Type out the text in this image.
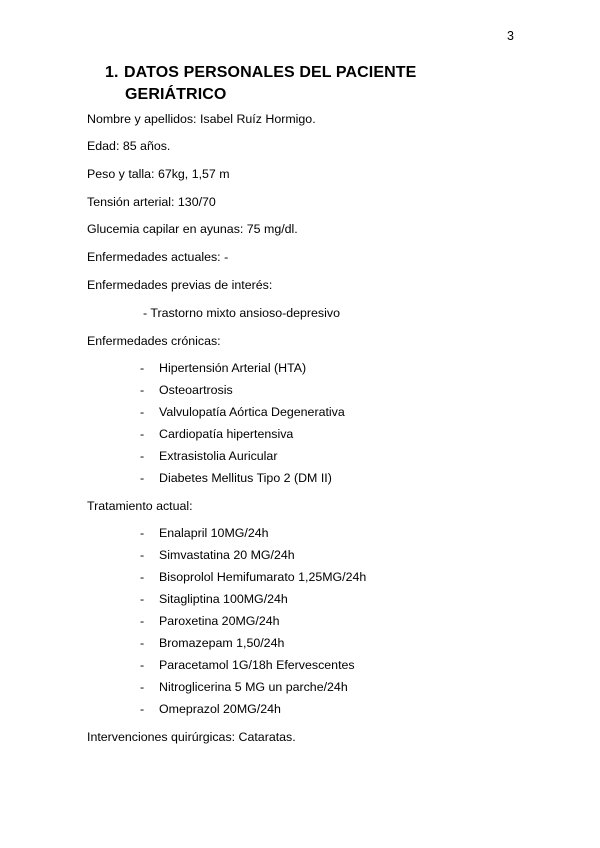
3
1. DATOS PERSONALES DEL PACIENTE
GERIÁTRICO
Nombre y apellidos: Isabel Ruíz Hormigo.
Edad: 85 años.
Peso y talla: 67kg, 1,57 m
Tensión arterial: 130/70
Glucemia capilar en ayunas: 75 mg/dl.
Enfermedades actuales: -
Enfermedades previas de interés:
- Trastorno mixto ansioso-depresivo
Enfermedades crónicas:
- Hipertensión Arterial (HTA)
- Osteoartrosis
- Valvulopatía Aórtica Degenerativa
- Cardiopatía hipertensiva
- Extrasistolia Auricular
- Diabetes Mellitus Tipo 2 (DM II)
Tratamiento actual:
- Enalapril 10MG/24h
- Simvastatina 20 MG/24h
- Bisoprolol Hemifumarato 1,25MG/24h
- Sitagliptina 100MG/24h
- Paroxetina 20MG/24h
- Bromazepam 1,50/24h
- Paracetamol 1G/18h Efervescentes
- Nitroglicerina 5 MG un parche/24h
- Omeprazol 20MG/24h
Intervenciones quirúrgicas: Cataratas.
